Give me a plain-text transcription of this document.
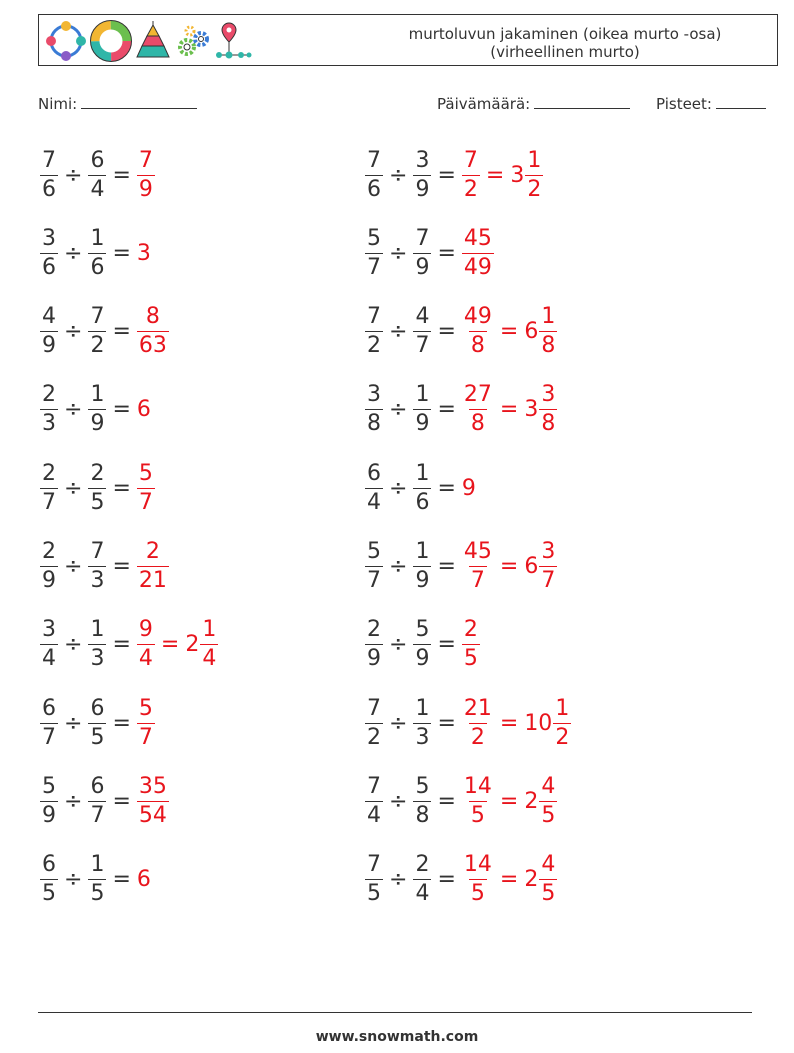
murtoluvun jakaminen (oikea murto -osa)
(virheellinen murto)
Nimi:	Päivämäärä:	Pisteet:
$\frac{7}{6} \div \frac{6}{4} = \frac{7}{9}$	$\frac{7}{6} \div \frac{3}{9} = \frac{7}{2} = 3 \frac{1}{2}$
$\frac{3}{6} \div \frac{1}{6} = 3$	$\frac{5}{7} \div \frac{7}{9} = \frac{45}{49}$
$\frac{4}{9} \div \frac{7}{2} = \frac{8}{63}$	$\frac{7}{2} \div \frac{4}{7} = \frac{49}{8} = 6 \frac{1}{8}$
$\frac{2}{3} \div \frac{1}{9} = 6$	$\frac{3}{8} \div \frac{1}{9} = \frac{27}{8} = 3 \frac{3}{8}$
$\frac{2}{7} \div \frac{2}{5} = \frac{5}{7}$	$\frac{6}{4} \div \frac{1}{6} = 9$
$\frac{2}{9} \div \frac{7}{3} = \frac{2}{21}$	$\frac{5}{7} \div \frac{1}{9} = \frac{45}{7} = 6 \frac{3}{7}$
$\frac{3}{4} \div \frac{1}{3} = \frac{9}{4} = 2 \frac{1}{4}$	$\frac{2}{9} \div \frac{5}{9} = \frac{2}{5}$
$\frac{6}{7} \div \frac{6}{5} = \frac{5}{7}$	$\frac{7}{2} \div \frac{1}{3} = \frac{21}{2} = 10 \frac{1}{2}$
$\frac{5}{9} \div \frac{6}{7} = \frac{35}{54}$	$\frac{7}{4} \div \frac{5}{8} = \frac{14}{5} = 2 \frac{4}{5}$
$\frac{6}{5} \div \frac{1}{5} = 6$	$\frac{7}{5} \div \frac{2}{4} = \frac{14}{5} = 2 \frac{4}{5}$
www.snowmath.com
